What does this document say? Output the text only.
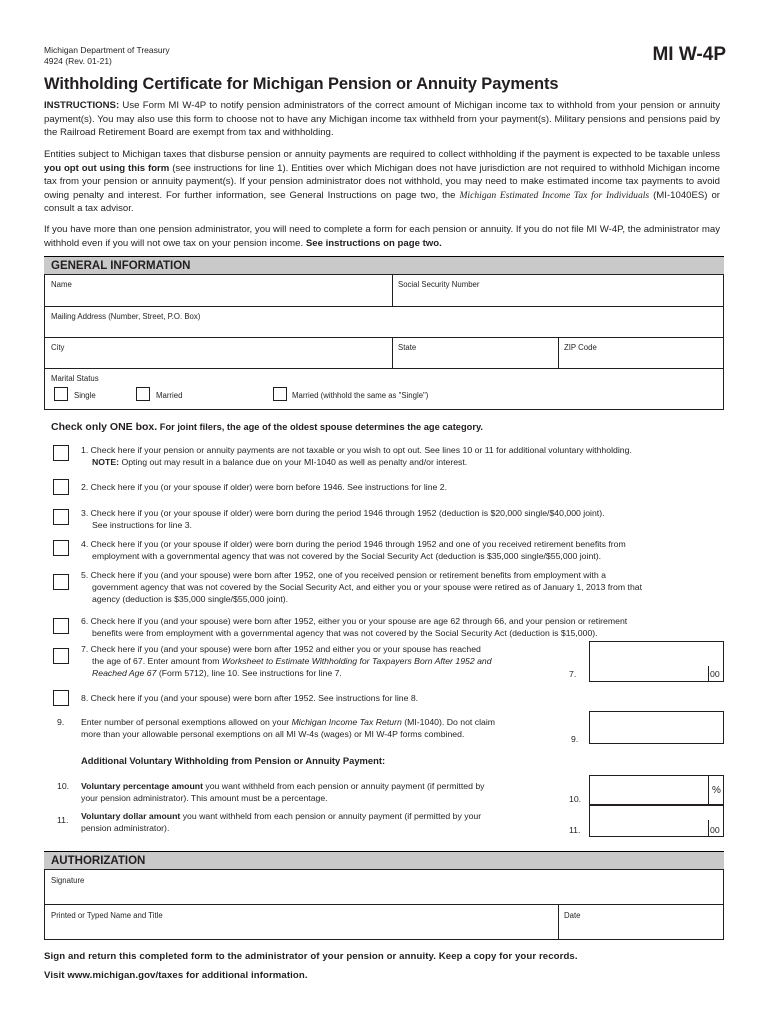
Michigan Department of Treasury
4924 (Rev. 01-21)	MI W-4P
Withholding Certificate for Michigan Pension or Annuity Payments
INSTRUCTIONS: Use Form MI W-4P to notify pension administrators of the correct amount of Michigan income tax to withhold from your pension or annuity payment(s). You may also use this form to choose not to have any Michigan income tax withheld from your payment(s). Military pensions and pensions paid by the Railroad Retirement Board are exempt from tax and withholding.
Entities subject to Michigan taxes that disburse pension or annuity payments are required to collect withholding if the payment is expected to be taxable unless you opt out using this form (see instructions for line 1). Entities over which Michigan does not have jurisdiction are not required to withhold Michigan income tax from your pension or annuity payment(s). If your pension administrator does not withhold, you may need to make estimated income tax payments to avoid owing penalty and interest. For further information, see General Instructions on page two, the Michigan Estimated Income Tax for Individuals (MI-1040ES) or consult a tax advisor.
If you have more than one pension administrator, you will need to complete a form for each pension or annuity. If you do not file MI W-4P, the administrator may withhold even if you will not owe tax on your pension income. See instructions on page two.
GENERAL INFORMATION
Name	Social Security Number
Mailing Address (Number, Street, P.O. Box)
City	State	ZIP Code
Marital Status
Single	Married	Married (withhold the same as "Single")
Check only ONE box. For joint filers, the age of the oldest spouse determines the age category.
1. Check here if your pension or annuity payments are not taxable or you wish to opt out. See lines 10 or 11 for additional voluntary withholding.
NOTE: Opting out may result in a balance due on your MI-1040 as well as penalty and/or interest.
2. Check here if you (or your spouse if older) were born before 1946. See instructions for line 2.
3. Check here if you (or your spouse if older) were born during the period 1946 through 1952 (deduction is $20,000 single/$40,000 joint).
See instructions for line 3.
4. Check here if you (or your spouse if older) were born during the period 1946 through 1952 and one of you received retirement benefits from
employment with a governmental agency that was not covered by the Social Security Act (deduction is $35,000 single/$55,000 joint).
5. Check here if you (and your spouse) were born after 1952, one of you received pension or retirement benefits from employment with a
government agency that was not covered by the Social Security Act, and either you or your spouse were retired as of January 1, 2013 from that
agency (deduction is $35,000 single/$55,000 joint).
6. Check here if you (and your spouse) were born after 1952, either you or your spouse are age 62 through 66, and your pension or retirement
benefits were from employment with a governmental agency that was not covered by the Social Security Act (deduction is $15,000).
7. Check here if you (and your spouse) were born after 1952 and either you or your spouse has reached
the age of 67. Enter amount from Worksheet to Estimate Withholding for Taxpayers Born After 1952 and
Reached Age 67 (Form 5712), line 10. See instructions for line 7.	7.	00
8. Check here if you (and your spouse) were born after 1952. See instructions for line 8.
9. Enter number of personal exemptions allowed on your Michigan Income Tax Return (MI-1040). Do not claim
more than your allowable personal exemptions on all MI W-4s (wages) or MI W-4P forms combined.	9.
Additional Voluntary Withholding from Pension or Annuity Payment:
10. Voluntary percentage amount you want withheld from each pension or annuity payment (if permitted by
your pension administrator). This amount must be a percentage.	10.
%
11. Voluntary dollar amount you want withheld from each pension or annuity payment (if permitted by your
pension administrator).	11.	00
AUTHORIZATION
Signature
Printed or Typed Name and Title	Date
Sign and return this completed form to the administrator of your pension or annuity. Keep a copy for your records.
Visit www.michigan.gov/taxes for additional information.
